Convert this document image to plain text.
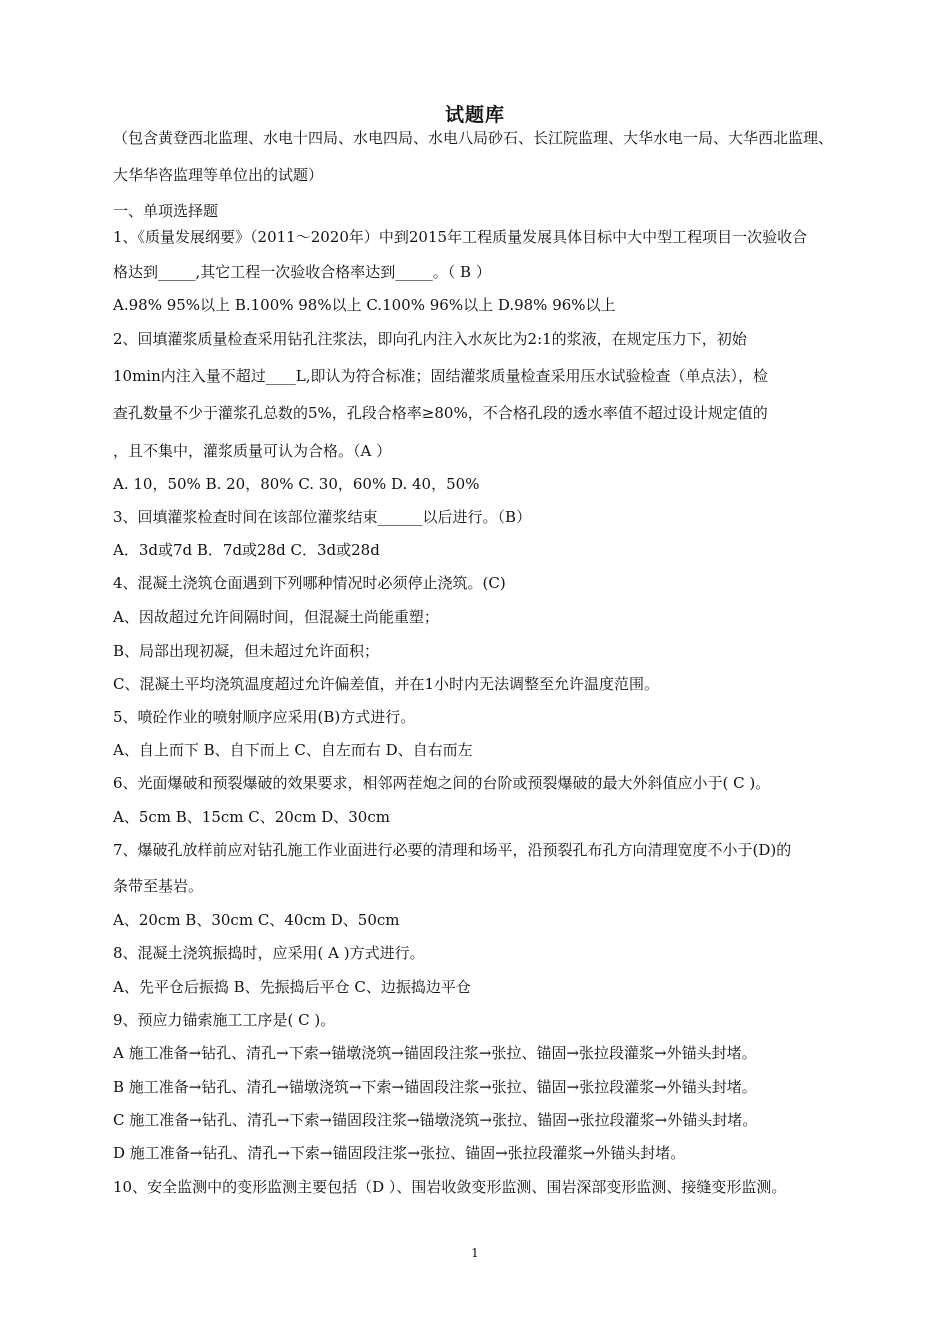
试题库
（包含黄登西北监理、水电十四局、水电四局、水电八局砂石、长江院监理、大华水电一局、大华西北监理、
大华华咨监理等单位出的试题）
一、单项选择题
1、《质量发展纲要》（2011～2020年）中到2015年工程质量发展具体目标中大中型工程项目一次验收合
格达到_____,其它工程一次验收合格率达到_____。（ B ）
A.98% 95%以上 B.100% 98%以上 C.100% 96%以上 D.98% 96%以上
2、回填灌浆质量检查采用钻孔注浆法，即向孔内注入水灰比为2:1的浆液，在规定压力下，初始
10min内注入量不超过____L,即认为符合标准；固结灌浆质量检查采用压水试验检查（单点法），检
查孔数量不少于灌浆孔总数的5%，孔段合格率≥80%，不合格孔段的透水率值不超过设计规定值的
，且不集中，灌浆质量可认为合格。（A ）
A. 10，50% B. 20，80% C. 30，60% D. 40，50%
3、回填灌浆检查时间在该部位灌浆结束______以后进行。（B）
A．3d或7d B．7d或28d C．3d或28d
4、混凝土浇筑仓面遇到下列哪种情况时必须停止浇筑。(C)
A、因故超过允许间隔时间，但混凝土尚能重塑；
B、局部出现初凝，但未超过允许面积；
C、混凝土平均浇筑温度超过允许偏差值，并在1小时内无法调整至允许温度范围。
5、喷砼作业的喷射顺序应采用(B)方式进行。
A、自上而下 B、自下而上 C、自左而右 D、自右而左
6、光面爆破和预裂爆破的效果要求，相邻两茬炮之间的台阶或预裂爆破的最大外斜值应小于( C )。
A、5cm B、15cm C、20cm D、30cm
7、爆破孔放样前应对钻孔施工作业面进行必要的清理和场平，沿预裂孔布孔方向清理宽度不小于(D)的
条带至基岩。
A、20cm B、30cm C、40cm D、50cm
8、混凝土浇筑振捣时，应采用( A )方式进行。
A、先平仓后振捣 B、先振捣后平仓 C、边振捣边平仓
9、预应力锚索施工工序是( C )。
A 施工准备→钻孔、清孔→下索→锚墩浇筑→锚固段注浆→张拉、锚固→张拉段灌浆→外锚头封堵。
B 施工准备→钻孔、清孔→锚墩浇筑→下索→锚固段注浆→张拉、锚固→张拉段灌浆→外锚头封堵。
C 施工准备→钻孔、清孔→下索→锚固段注浆→锚墩浇筑→张拉、锚固→张拉段灌浆→外锚头封堵。
D 施工准备→钻孔、清孔→下索→锚固段注浆→张拉、锚固→张拉段灌浆→外锚头封堵。
10、安全监测中的变形监测主要包括（D ）、围岩收敛变形监测、围岩深部变形监测、接缝变形监测。
1
